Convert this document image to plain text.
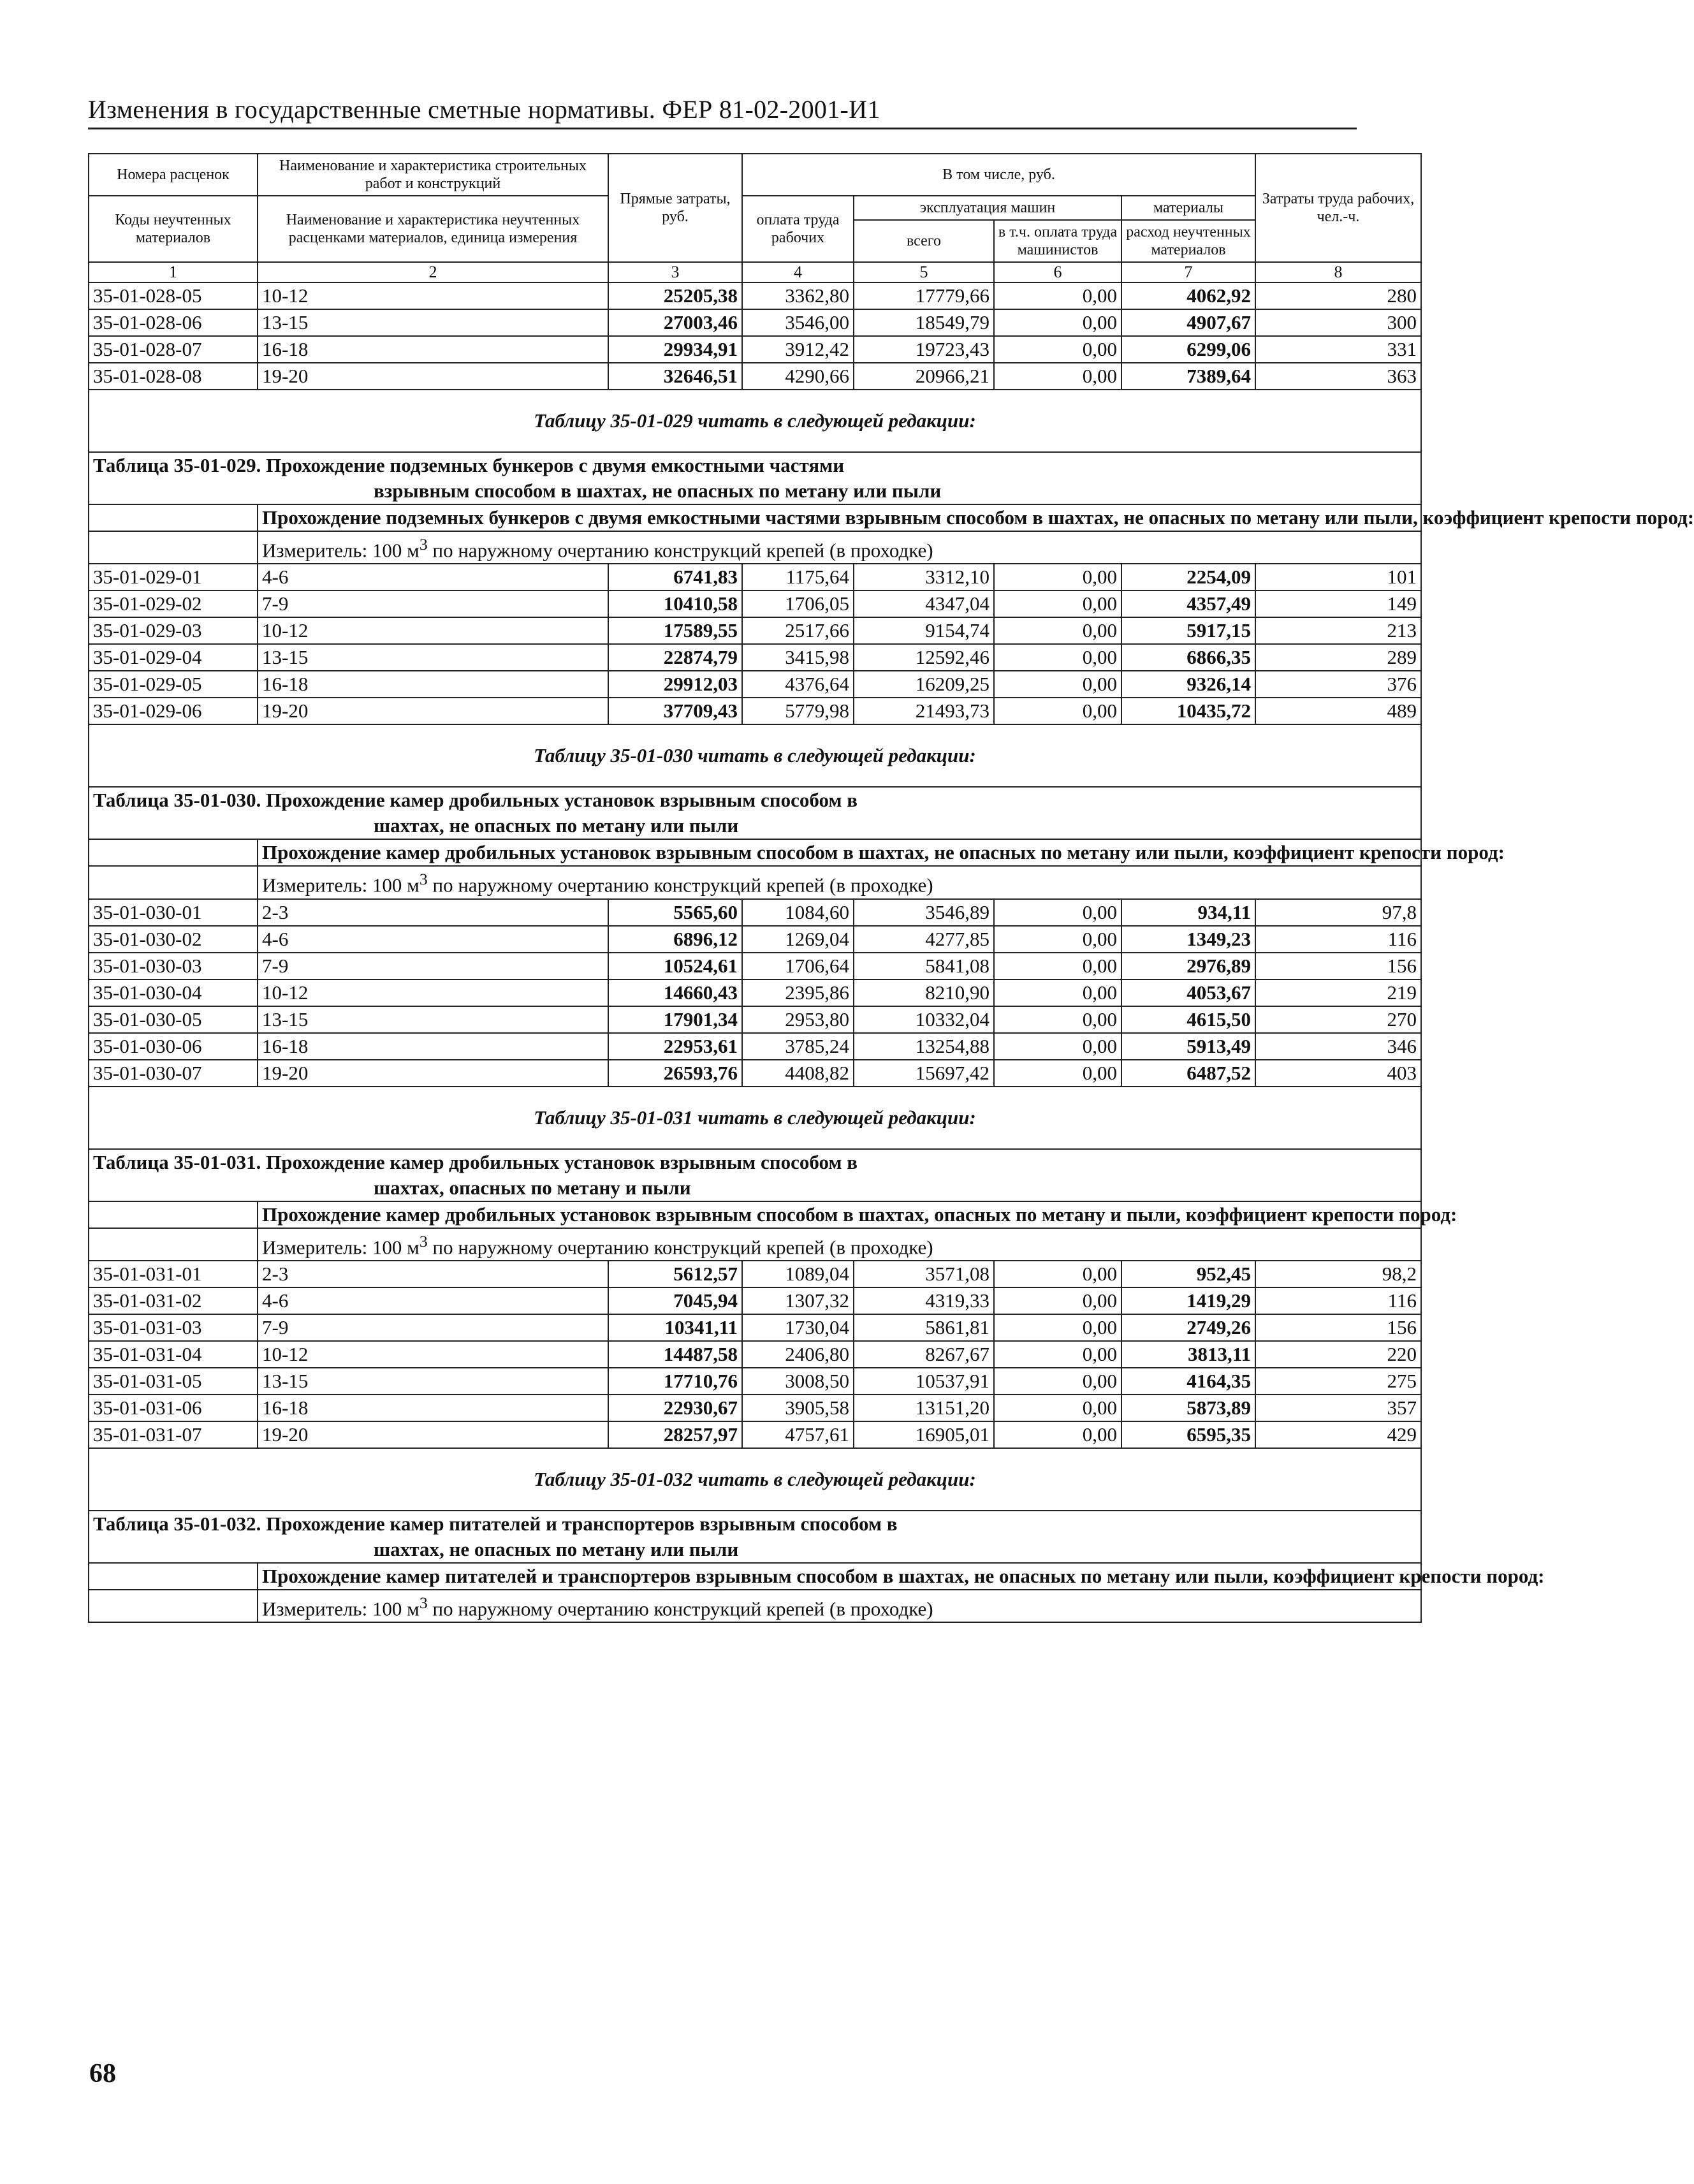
Изменения в государственные сметные нормативы. ФЕР 81-02-2001-И1
Номера расценок	Наименование и характеристика строительных работ и конструкций	Прямые затраты, руб.	В том числе, руб.				Затраты труда рабочих, чел.-ч.
Коды неучтенных материалов	Наименование и характеристика неучтенных расценками материалов, единица измерения		оплата труда рабочих	эксплуатация машин		материалы	
				всего	в т.ч. оплата труда машинистов	расход неучтенных материалов	
1	2	3	4	5	6	7	8
35-01-028-05	10-12	25205,38	3362,80	17779,66	0,00	4062,92	280
35-01-028-06	13-15	27003,46	3546,00	18549,79	0,00	4907,67	300
35-01-028-07	16-18	29934,91	3912,42	19723,43	0,00	6299,06	331
35-01-028-08	19-20	32646,51	4290,66	20966,21	0,00	7389,64	363
Таблицу 35-01-029 читать в следующей редакции:							
Таблица 35-01-029. Прохождение подземных бункеров с двумя емкостными частями
взрывным способом в шахтах, не опасных по метану или пыли							
	Прохождение подземных бункеров с двумя емкостными частями взрывным способом в шахтах, не опасных по метану или пыли, коэффициент крепости пород:						
	Измеритель: 100 $м^3$ по наружному очертанию конструкций крепей (в проходке)						
35-01-029-01	4-6	6741,83	1175,64	3312,10	0,00	2254,09	101
35-01-029-02	7-9	10410,58	1706,05	4347,04	0,00	4357,49	149
35-01-029-03	10-12	17589,55	2517,66	9154,74	0,00	5917,15	213
35-01-029-04	13-15	22874,79	3415,98	12592,46	0,00	6866,35	289
35-01-029-05	16-18	29912,03	4376,64	16209,25	0,00	9326,14	376
35-01-029-06	19-20	37709,43	5779,98	21493,73	0,00	10435,72	489
Таблицу 35-01-030 читать в следующей редакции:							
Таблица 35-01-030. Прохождение камер дробильных установок взрывным способом в
шахтах, не опасных по метану или пыли							
	Прохождение камер дробильных установок взрывным способом в шахтах, не опасных по метану или пыли, коэффициент крепости пород:						
	Измеритель: 100 $м^3$ по наружному очертанию конструкций крепей (в проходке)						
35-01-030-01	2-3	5565,60	1084,60	3546,89	0,00	934,11	97,8
35-01-030-02	4-6	6896,12	1269,04	4277,85	0,00	1349,23	116
35-01-030-03	7-9	10524,61	1706,64	5841,08	0,00	2976,89	156
35-01-030-04	10-12	14660,43	2395,86	8210,90	0,00	4053,67	219
35-01-030-05	13-15	17901,34	2953,80	10332,04	0,00	4615,50	270
35-01-030-06	16-18	22953,61	3785,24	13254,88	0,00	5913,49	346
35-01-030-07	19-20	26593,76	4408,82	15697,42	0,00	6487,52	403
Таблицу 35-01-031 читать в следующей редакции:							
Таблица 35-01-031. Прохождение камер дробильных установок взрывным способом в
шахтах, опасных по метану и пыли							
	Прохождение камер дробильных установок взрывным способом в шахтах, опасных по метану и пыли, коэффициент крепости пород:						
	Измеритель: 100 $м^3$ по наружному очертанию конструкций крепей (в проходке)						
35-01-031-01	2-3	5612,57	1089,04	3571,08	0,00	952,45	98,2
35-01-031-02	4-6	7045,94	1307,32	4319,33	0,00	1419,29	116
35-01-031-03	7-9	10341,11	1730,04	5861,81	0,00	2749,26	156
35-01-031-04	10-12	14487,58	2406,80	8267,67	0,00	3813,11	220
35-01-031-05	13-15	17710,76	3008,50	10537,91	0,00	4164,35	275
35-01-031-06	16-18	22930,67	3905,58	13151,20	0,00	5873,89	357
35-01-031-07	19-20	28257,97	4757,61	16905,01	0,00	6595,35	429
Таблицу 35-01-032 читать в следующей редакции:							
Таблица 35-01-032. Прохождение камер питателей и транспортеров взрывным способом в
шахтах, не опасных по метану или пыли							
	Прохождение камер питателей и транспортеров взрывным способом в шахтах, не опасных по метану или пыли, коэффициент крепости пород:						
	Измеритель: 100 $м^3$ по наружному очертанию конструкций крепей (в проходке)						
68
